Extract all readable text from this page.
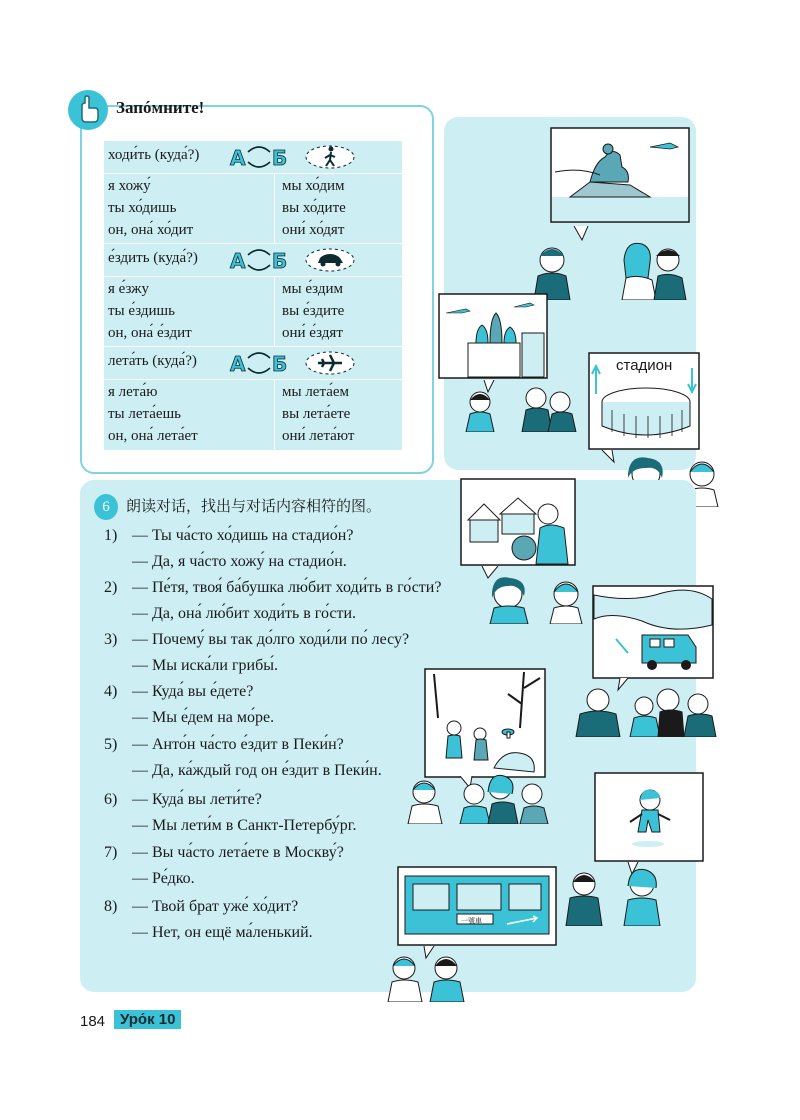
Запóмните!
ходи́ть (куда́?) А Б
я хожу́
ты хо́дишь
он, она́ хо́дит
мы хо́дим
вы хо́дите
они́ хо́дят
е́здить (куда́?) А Б
я е́зжу
ты е́здишь
он, она́ е́здит
мы е́здим
вы е́здите
они́ е́здят
лета́ть (куда́?) А Б
я лета́ю
ты лета́ешь
он, она́ лета́ет
мы лета́ем
вы лета́ете
они́ лета́ют
стадион
6	朗读对话，找出与对话内容相符的图。
1) — Ты ча́сто хо́дишь на стадио́н?
— Да, я ча́сто хожу́ на стадио́н.
2) — Пе́тя, твоя́ ба́бушка лю́бит ходи́ть в го́сти?
— Да, она́ лю́бит ходи́ть в го́сти.
3) — Почему́ вы так до́лго ходи́ли по́ лесу?
— Мы иска́ли грибы́.
4) — Куда́ вы е́дете?
— Мы е́дем на мо́ре.
5) — Анто́н ча́сто е́здит в Пеки́н?
— Да, ка́ждый год он е́здит в Пеки́н.
6) — Куда́ вы лети́те?
— Мы лети́м в Санкт-Петербу́рг.
7) — Вы ча́сто лета́ете в Москву́?
— Ре́дко.
8) — Твой брат уже́ хо́дит?
— Нет, он ещё ма́ленький.
一號車
184 Уро́к 10
